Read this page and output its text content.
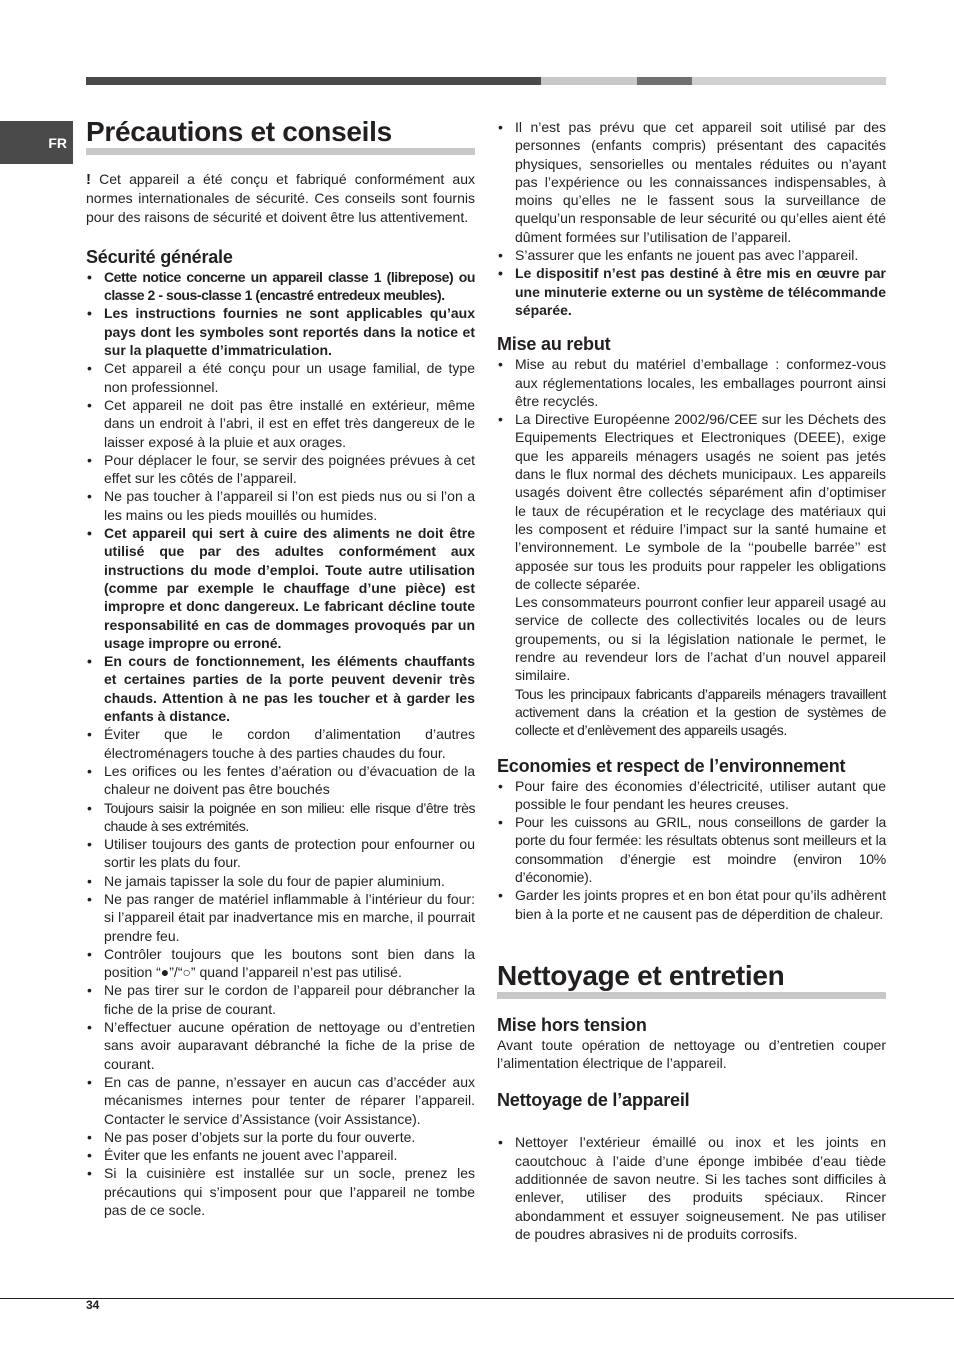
FR Précautions et conseils
! Cet appareil a été conçu et fabriqué conformément aux normes internationales de sécurité. Ces conseils sont fournis pour des raisons de sécurité et doivent être lus attentivement.
Sécurité générale
• Cette notice concerne un appareil classe 1 (librepose) ou classe 2 - sous-classe 1 (encastré entredeux meubles).
• Les instructions fournies ne sont applicables qu’aux pays dont les symboles sont reportés dans la notice et sur la plaquette d’immatriculation.
• Cet appareil a été conçu pour un usage familial, de type non professionnel.
• Cet appareil ne doit pas être installé en extérieur, même dans un endroit à l’abri, il est en effet très dangereux de le laisser exposé à la pluie et aux orages.
• Pour déplacer le four, se servir des poignées prévues à cet effet sur les côtés de l’appareil.
• Ne pas toucher à l’appareil si l’on est pieds nus ou si l’on a les mains ou les pieds mouillés ou humides.
• Cet appareil qui sert à cuire des aliments ne doit être utilisé que par des adultes conformément aux instructions du mode d’emploi. Toute autre utilisation (comme par exemple le chauffage d’une pièce) est impropre et donc dangereux. Le fabricant décline toute responsabilité en cas de dommages provoqués par un usage impropre ou erroné.
• En cours de fonctionnement, les éléments chauffants et certaines parties de la porte peuvent devenir très chauds. Attention à ne pas les toucher et à garder les enfants à distance.
• Éviter que le cordon d’alimentation d’autres électroménagers touche à des parties chaudes du four.
• Les orifices ou les fentes d’aération ou d’évacuation de la chaleur ne doivent pas être bouchés
• Toujours saisir la poignée en son milieu: elle risque d’être très chaude à ses extrémités.
• Utiliser toujours des gants de protection pour enfourner ou sortir les plats du four.
• Ne jamais tapisser la sole du four de papier aluminium.
• Ne pas ranger de matériel inflammable à l’intérieur du four: si l’appareil était par inadvertance mis en marche, il pourrait prendre feu.
• Contrôler toujours que les boutons sont bien dans la position “●”/“○” quand l’appareil n’est pas utilisé.
• Ne pas tirer sur le cordon de l’appareil pour débrancher la fiche de la prise de courant.
• N’effectuer aucune opération de nettoyage ou d’entretien sans avoir auparavant débranché la fiche de la prise de courant.
• En cas de panne, n’essayer en aucun cas d’accéder aux mécanismes internes pour tenter de réparer l’appareil. Contacter le service d’Assistance (voir Assistance).
• Ne pas poser d’objets sur la porte du four ouverte.
• Éviter que les enfants ne jouent avec l’appareil.
• Si la cuisinière est installée sur un socle, prenez les précautions qui s’imposent pour que l’appareil ne tombe pas de ce socle.
• Il n’est pas prévu que cet appareil soit utilisé par des personnes (enfants compris) présentant des capacités physiques, sensorielles ou mentales réduites ou n’ayant pas l’expérience ou les connaissances indispensables, à moins qu’elles ne le fassent sous la surveillance de quelqu’un responsable de leur sécurité ou qu’elles aient été dûment formées sur l’utilisation de l’appareil.
• S’assurer que les enfants ne jouent pas avec l’appareil.
• Le dispositif n’est pas destiné à être mis en œuvre par une minuterie externe ou un système de télécommande séparée.
Mise au rebut
• Mise au rebut du matériel d’emballage : conformez-vous aux réglementations locales, les emballages pourront ainsi être recyclés.
• La Directive Européenne 2002/96/CEE sur les Déchets des Equipements Electriques et Electroniques (DEEE), exige que les appareils ménagers usagés ne soient pas jetés dans le flux normal des déchets municipaux. Les appareils usagés doivent être collectés séparément afin d’optimiser le taux de récupération et le recyclage des matériaux qui les composent et réduire l’impact sur la santé humaine et l’environnement. Le symbole de la ‘‘poubelle barrée’’ est apposée sur tous les produits pour rappeler les obligations de collecte séparée.

Les consommateurs pourront confier leur appareil usagé au service de collecte des collectivités locales ou de leurs groupements, ou si la législation nationale le permet, le rendre au revendeur lors de l’achat d’un nouvel appareil similaire.

Tous les principaux fabricants d’appareils ménagers travaillent activement dans la création et la gestion de systèmes de collecte et d’enlèvement des appareils usagés.

Economies et respect de l’environnement
• Pour faire des économies d’électricité, utiliser autant que possible le four pendant les heures creuses.
• Pour les cuissons au GRIL, nous conseillons de garder la porte du four fermée: les résultats obtenus sont meilleurs et la consommation d’énergie est moindre (environ 10% d’économie).
• Garder les joints propres et en bon état pour qu’ils adhèrent bien à la porte et ne causent pas de déperdition de chaleur.
Nettoyage et entretien
Mise hors tension

Avant toute opération de nettoyage ou d’entretien couper l’alimentation électrique de l’appareil.

Nettoyage de l’appareil
• Nettoyer l’extérieur émaillé ou inox et les joints en caoutchouc à l’aide d’une éponge imbibée d’eau tiède additionnée de savon neutre. Si les taches sont difficiles à enlever, utiliser des produits spéciaux. Rincer abondamment et essuyer soigneusement. Ne pas utiliser de poudres abrasives ni de produits corrosifs.
34
